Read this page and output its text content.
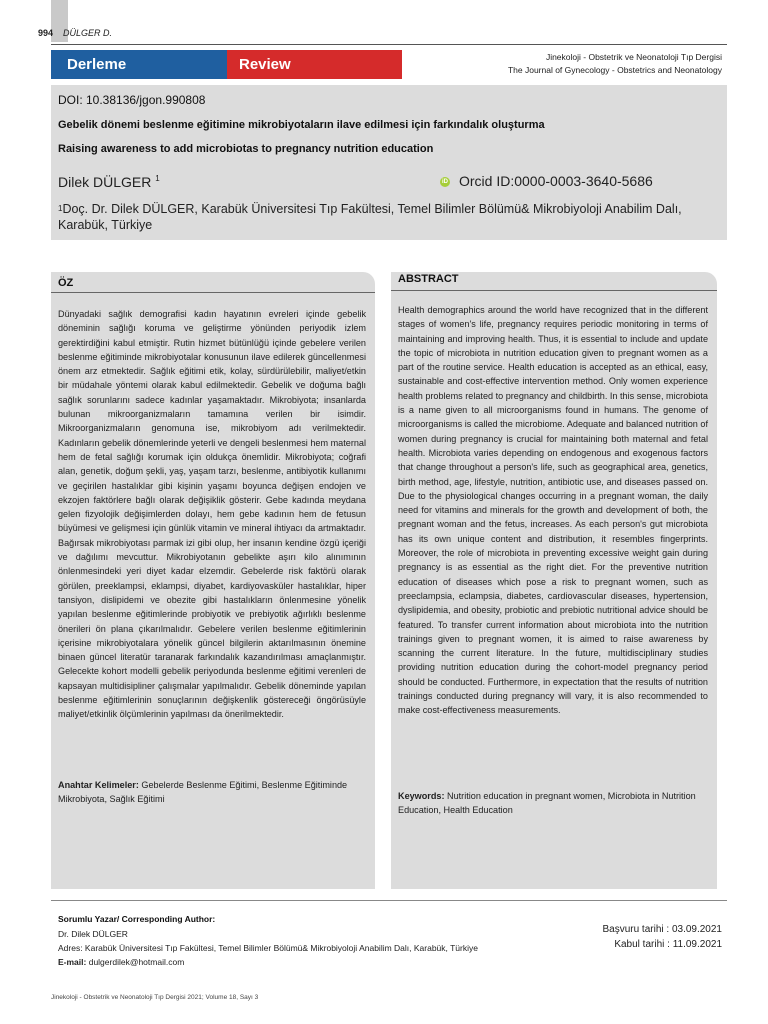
994 DÜLGER D.
Derleme	Review	Jinekoloji - Obstetrik ve Neonatoloji Tıp Dergisi
The Journal of Gynecology - Obstetrics and Neonatology
DOI: 10.38136/jgon.990808
Gebelik dönemi beslenme eğitimine mikrobiyotaların ilave edilmesi için farkındalık oluşturma
Raising awareness to add microbiotas to pregnancy nutrition education
Dilek DÜLGER $^1$	iD Orcid ID:0000-0003-3640-5686
$^1$Doç. Dr. Dilek DÜLGER, Karabük Üniversitesi Tıp Fakültesi, Temel Bilimler Bölümü& Mikrobiyoloji Anabilim Dalı, Karabük, Türkiye
ÖZ
Dünyadaki sağlık demografisi kadın hayatının evreleri içinde gebelik döneminin sağlığı koruma ve geliştirme yönünden periyodik izlem gerektirdiğini kabul etmiştir. Rutin hizmet bütünlüğü içinde gebelere verilen beslenme eğitiminde mikrobiyotalar konusunun ilave edilerek güncellenmesi önem arz etmektedir. Sağlık eğitimi etik, kolay, sürdürülebilir, maliyet/etkin bir müdahale yöntemi olarak kabul edilmektedir. Gebelik ve doğuma bağlı sağlık sorunlarını sadece kadınlar yaşamaktadır. Mikrobiyota; insanlarda bulunan mikroorganizmaların tamamına verilen bir isimdir. Mikroorganizmaların genomuna ise, mikrobiyom adı verilmektedir. Kadınların gebelik dönemlerinde yeterli ve dengeli beslenmesi hem maternal hem de fetal sağlığı korumak için oldukça önemlidir. Mikrobiyota; coğrafi alan, genetik, doğum şekli, yaş, yaşam tarzı, beslenme, antibiyotik kullanımı ve geçirilen hastalıklar gibi kişinin yaşamı boyunca değişen endojen ve ekzojen faktörlere bağlı olarak değişiklik gösterir. Gebe kadında meydana gelen fizyolojik değişimlerden dolayı, hem gebe kadının hem de fetusun büyümesi ve gelişmesi için günlük vitamin ve mineral ihtiyacı da artmaktadır. Bağırsak mikrobiyotası parmak izi gibi olup, her insanın kendine özgü içeriği ve dağılımı mevcuttur. Mikrobiyotanın gebelikte aşırı kilo alınımının önlenmesindeki yeri diyet kadar elzemdir. Gebelerde risk faktörü olarak görülen, preeklampsi, eklampsi, diyabet, kardiyovasküler hastalıklar, hiper tansiyon, dislipidemi ve obezite gibi hastalıkların önlenmesine yönelik yapılan beslenme eğitimlerinde probiyotik ve prebiyotik ağırlıklı beslenme önerileri ön plana çıkarılmalıdır. Gebelere verilen beslenme eğitimlerinin içerisine mikrobiyotalara yönelik güncel bilgilerin aktarılmasının önemine binaen güncel literatür taranarak farkındalık kazandırılması amaçlanmıştır. Gelecekte kohort modelli gebelik periyodunda beslenme eğitimi verenleri de kapsayan multidisipliner çalışmalar yapılmalıdır. Gebelik döneminde yapılan beslenme eğitimlerinin sonuçlarının değişkenlik göstereceği öngörüsüyle maliyet/etkinlik ölçümlerinin yapılması da önerilmektedir.
Anahtar Kelimeler: Gebelerde Beslenme Eğitimi, Beslenme Eğitiminde Mikrobiyota, Sağlık Eğitimi
ABSTRACT
Health demographics around the world have recognized that in the different stages of women's life, pregnancy requires periodic monitoring in terms of maintaining and improving health. Thus, it is essential to include and update the topic of microbiota in nutrition education given to pregnant women as a part of the routine service. Health education is accepted as an ethical, easy, sustainable and cost-effective intervention method. Only women experience health problems related to pregnancy and childbirth. In this sense, microbiota is a name given to all microorganisms found in humans. The genome of microorganisms is called the microbiome. Adequate and balanced nutrition of women during pregnancy is crucial for maintaining both maternal and fetal health. Microbiota varies depending on endogenous and exogenous factors that change throughout a person's life, such as geographical area, genetics, birth method, age, lifestyle, nutrition, antibiotic use, and diseases passed on. Due to the physiological changes occurring in a pregnant woman, the daily need for vitamins and minerals for the growth and development of both, the pregnant woman and the fetus, increases. As each person's gut microbiota has its own unique content and distribution, it resembles fingerprints. Moreover, the role of microbiota in preventing excessive weight gain during pregnancy is as essential as the right diet. For the preventive nutrition education of diseases which pose a risk to pregnant women, such as preeclampsia, eclampsia, diabetes, cardiovascular diseases, hypertension, dyslipidemia, and obesity, probiotic and prebiotic nutritional advice should be featured. To transfer current information about microbiota into the nutrition trainings given to pregnant women, it is aimed to raise awareness by scanning the current literature. In the future, multidisciplinary studies providing nutrition education during the cohort-model pregnancy period should be conducted. Furthermore, in expectation that the results of nutrition trainings conducted during pregnancy will vary, it is also recommended to make cost-effectiveness measurements.
Keywords: Nutrition education in pregnant women, Microbiota in Nutrition Education, Health Education
Sorumlu Yazar/ Corresponding Author:
Dr. Dilek DÜLGER
Adres: Karabük Üniversitesi Tıp Fakültesi, Temel Bilimler Bölümü& Mikrobiyoloji Anabilim Dalı, Karabük, Türkiye
E-mail: dulgerdilek@hotmail.com
Başvuru tarihi : 03.09.2021
Kabul tarihi : 11.09.2021
Jinekoloji - Obstetrik ve Neonatoloji Tıp Dergisi 2021; Volume 18, Sayı 3
